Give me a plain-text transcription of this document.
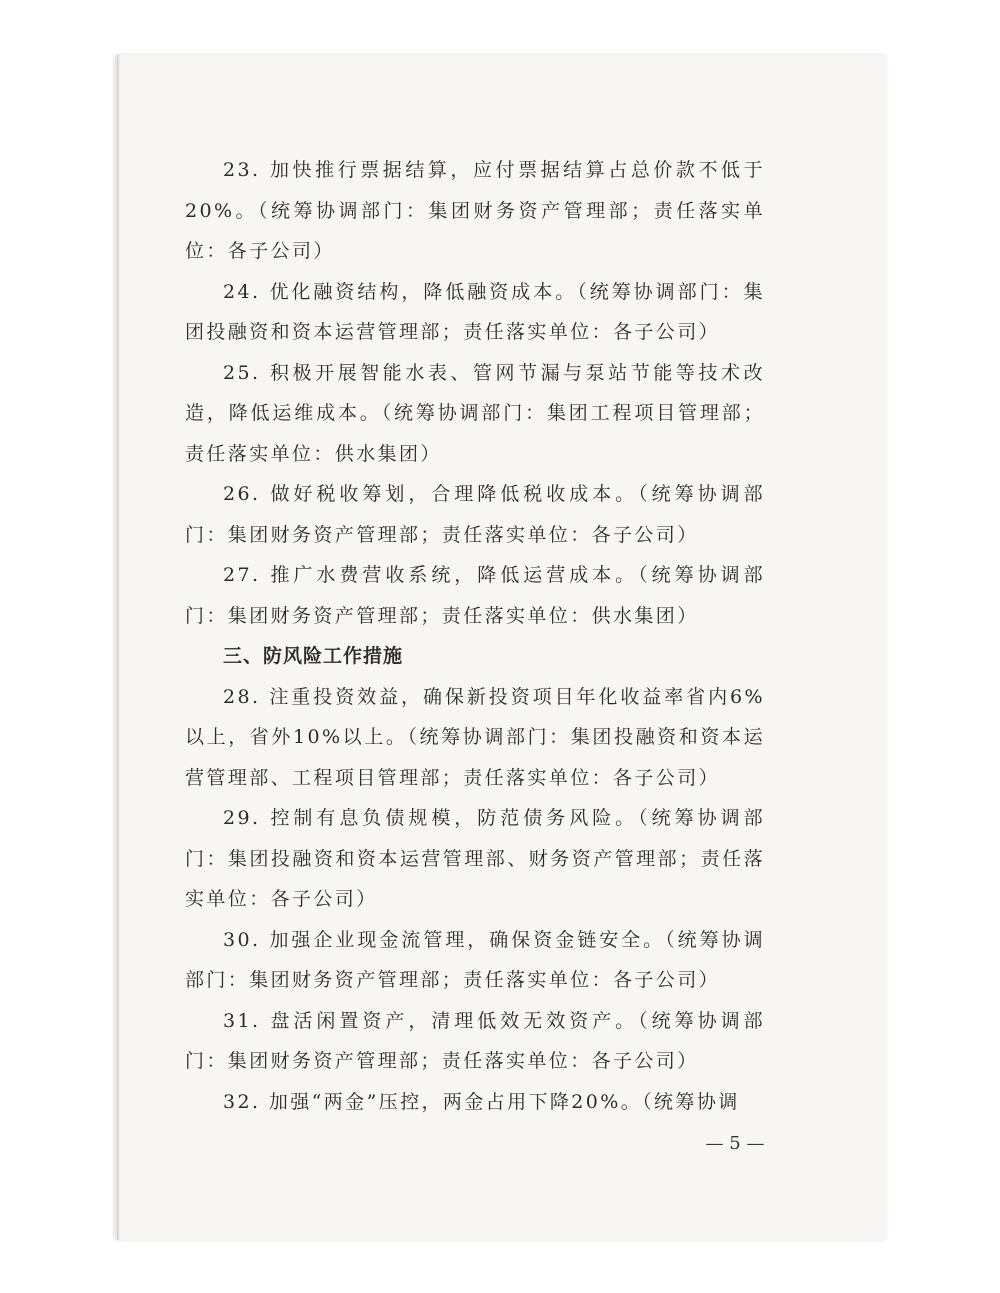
23. 加快推行票据结算，应付票据结算占总价款不低于20%。（统筹协调部门：集团财务资产管理部；责任落实单位：各子公司）

24. 优化融资结构，降低融资成本。（统筹协调部门：集团投融资和资本运营管理部；责任落实单位：各子公司）

25. 积极开展智能水表、管网节漏与泵站节能等技术改造，降低运维成本。（统筹协调部门：集团工程项目管理部；责任落实单位：供水集团）

26. 做好税收筹划，合理降低税收成本。（统筹协调部门：集团财务资产管理部；责任落实单位：各子公司）

27. 推广水费营收系统，降低运营成本。（统筹协调部门：集团财务资产管理部；责任落实单位：供水集团）

三、防风险工作措施

28. 注重投资效益，确保新投资项目年化收益率省内6%以上，省外10%以上。（统筹协调部门：集团投融资和资本运营管理部、工程项目管理部；责任落实单位：各子公司）

29. 控制有息负债规模，防范债务风险。（统筹协调部门：集团投融资和资本运营管理部、财务资产管理部；责任落实单位：各子公司）

30. 加强企业现金流管理，确保资金链安全。（统筹协调部门：集团财务资产管理部；责任落实单位：各子公司）

31. 盘活闲置资产，清理低效无效资产。（统筹协调部门：集团财务资产管理部；责任落实单位：各子公司）

32. 加强“两金”压控，两金占用下降20%。（统筹协调

— 5 —
